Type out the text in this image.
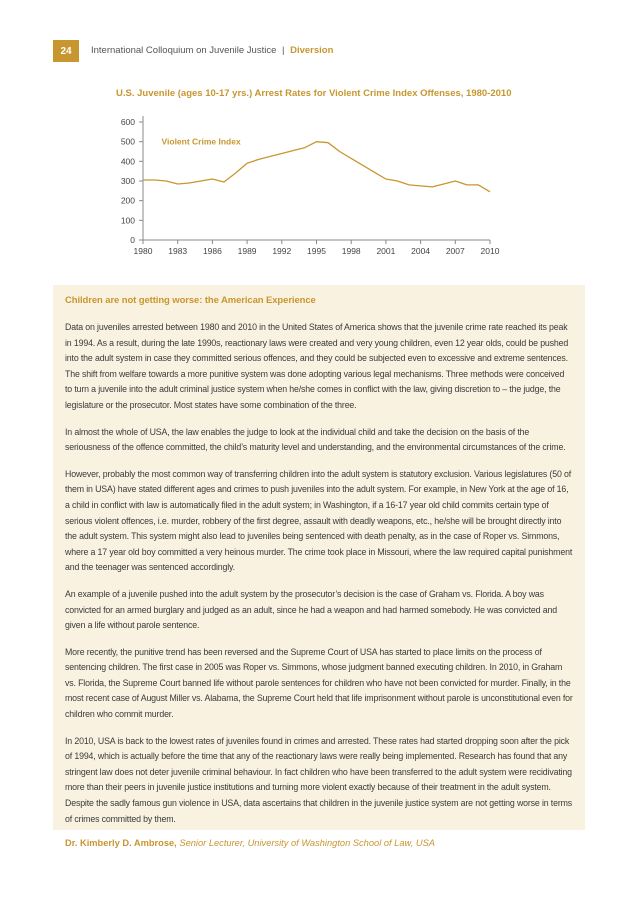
24	International Colloquium on Juvenile Justice | Diversion
U.S. Juvenile (ages 10-17 yrs.) Arrest Rates for Violent Crime Index Offenses, 1980-2010
0
100
200
300
400
500
600
1980 1983 1986 1989 1992 1995 1998 2001 2004 2007 2010
Violent Crime Index
Children are not getting worse: the American Experience

Data on juveniles arrested between 1980 and 2010 in the United States of America shows that the juvenile crime rate reached its peak in 1994. As a result, during the late 1990s, reactionary laws were created and very young children, even 12 year olds, could be pushed into the adult system in case they committed serious offences, and they could be subjected even to excessive and extreme sentences. The shift from welfare towards a more punitive system was done adopting various legal mechanisms. Three methods were conceived to turn a juvenile into the adult criminal justice system when he/she comes in conflict with the law, giving discretion to – the judge, the legislature or the prosecutor. Most states have some combination of the three.

In almost the whole of USA, the law enables the judge to look at the individual child and take the decision on the basis of the seriousness of the offence committed, the child’s maturity level and understanding, and the environmental circumstances of the crime.

However, probably the most common way of transferring children into the adult system is statutory exclusion. Various legislatures (50 of them in USA) have stated different ages and crimes to push juveniles into the adult system. For example, in New York at the age of 16, a child in conflict with law is automatically filed in the adult system; in Washington, if a 16-17 year old child commits certain type of serious violent offences, i.e. murder, robbery of the first degree, assault with deadly weapons, etc., he/she will be brought directly into the adult system. This system might also lead to juveniles being sentenced with death penalty, as in the case of Roper vs. Simmons, where a 17 year old boy committed a very heinous murder. The crime took place in Missouri, where the law required capital punishment and the teenager was sentenced accordingly.

An example of a juvenile pushed into the adult system by the prosecutor’s decision is the case of Graham vs. Florida. A boy was convicted for an armed burglary and judged as an adult, since he had a weapon and had harmed somebody. He was convicted and given a life without parole sentence.

More recently, the punitive trend has been reversed and the Supreme Court of USA has started to place limits on the process of sentencing children. The first case in 2005 was Roper vs. Simmons, whose judgment banned executing children. In 2010, in Graham vs. Florida, the Supreme Court banned life without parole sentences for children who have not been convicted for murder. Finally, in the most recent case of August Miller vs. Alabama, the Supreme Court held that life imprisonment without parole is unconstitutional even for children who commit murder.

In 2010, USA is back to the lowest rates of juveniles found in crimes and arrested. These rates had started dropping soon after the pick of 1994, which is actually before the time that any of the reactionary laws were really being implemented. Research has found that any stringent law does not deter juvenile criminal behaviour. In fact children who have been transferred to the adult system were recidivating more than their peers in juvenile justice institutions and turning more violent exactly because of their treatment in the adult system. Despite the sadly famous gun violence in USA, data ascertains that children in the juvenile justice system are not getting worse in terms of crimes committed by them.

Dr. Kimberly D. Ambrose, Senior Lecturer, University of Washington School of Law, USA
